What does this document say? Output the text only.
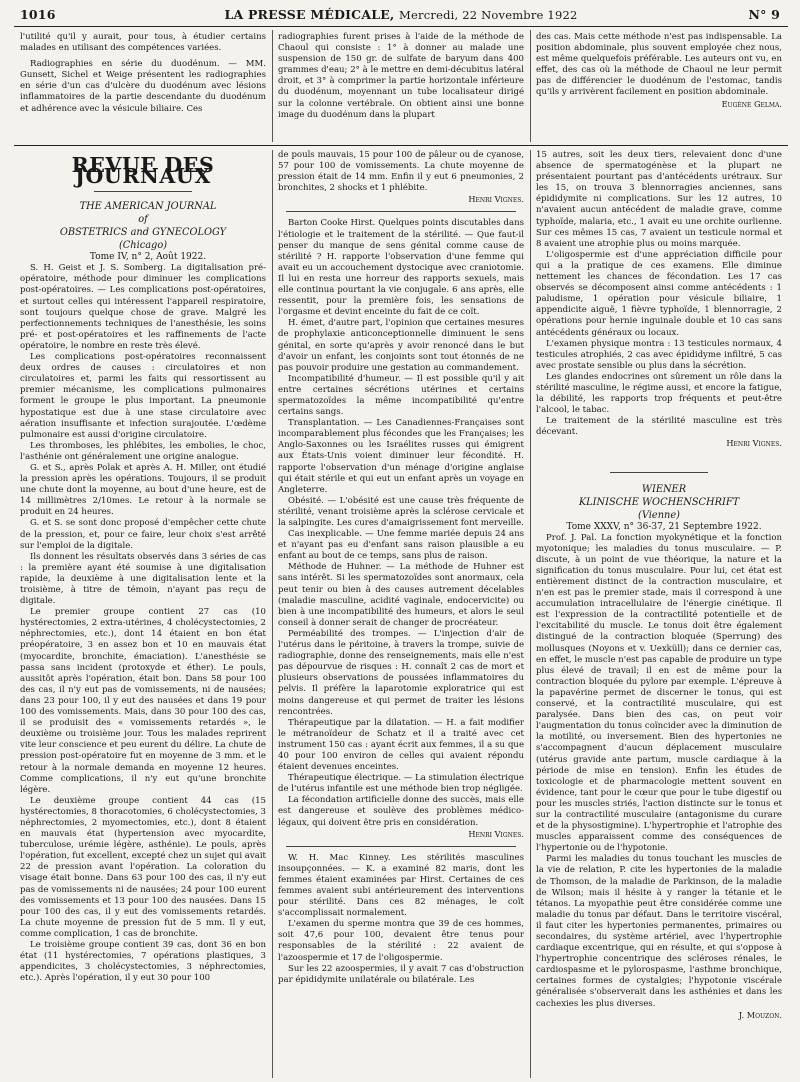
1016	LA PRESSE MÉDICALE, Mercredi, 22 Novembre 1922	N° 9

l'utilité qu'il y aurait, pour tous, à étudier certains malades en utilisant des compétences variées.

Radiographies en série du duodénum. — MM. Gunsett, Sichel et Weige présentent les radiographies en série d'un cas d'ulcère du duodénum avec lésions inflammatoires de la partie descendante du duodénum et adhérence avec la vésicule biliaire. Ces

radiographies furent prises à l'aide de la méthode de Chaoul qui consiste : 1° à donner au malade une suspension de 150 gr. de sulfate de baryum dans 400 grammes d'eau; 2° à le mettre en demi-décubitus latéral droit, et 3° à comprimer la partie horizontale inférieure du duodénum, moyennant un tube localisateur dirigé sur la colonne vertébrale. On obtient ainsi une bonne image du duodénum dans la plupart

des cas. Mais cette méthode n'est pas indispensable. La position abdominale, plus souvent employée chez nous, est même quelquefois préférable. Les auteurs ont vu, en effet, des cas où la méthode de Chaoul ne leur permit pas de différencier le duodénum de l'estomac, tandis qu'ils y arrivèrent facilement en position abdominale.

Eugène Gelma.

REVUE DES JOURNAUX

THE AMERICAN JOURNAL
of
OBSTETRICS and GYNECOLOGY
(Chicago)

Tome IV, n° 2, Août 1922.

S. H. Geist et J. S. Somberg. La digitalisation pré-opératoire, méthode pour diminuer les complications post-opératoires. — Les complications post-opératoires, et surtout celles qui intéressent l'appareil respiratoire, sont toujours quelque chose de grave. Malgré les perfectionnements techniques de l'anesthésie, les soins pré- et post-opératoires et les raffinements de l'acte opératoire, le nombre en reste très élevé.

Les complications post-opératoires reconnaissent deux ordres de causes : circulatoires et non circulatoires et, parmi les faits qui ressortissent au premier mécanisme, les complications pulmonaires forment le groupe le plus important. La pneumonie hypostatique est due à une stase circulatoire avec aération insuffisante et infection surajoutée. L'œdème pulmonaire est aussi d'origine circulatoire.

Les thromboses, les phlébites, les embolies, le choc, l'asthénie ont généralement une origine analogue.

G. et S., après Polak et après A. H. Miller, ont étudié la pression après les opérations. Toujours, il se produit une chute dont la moyenne, au bout d'une heure, est de 14 millimètres 2/10mes. Le retour à la normale se produit en 24 heures.

G. et S. se sont donc proposé d'empêcher cette chute de la pression, et, pour ce faire, leur choix s'est arrêté sur l'emploi de la digitale.

Ils donnent les résultats observés dans 3 séries de cas : la première ayant été soumise à une digitalisation rapide, la deuxième à une digitalisation lente et la troisième, à titre de témoin, n'ayant pas reçu de digitale.

Le premier groupe contient 27 cas (10 hystérectomies, 2 extra-utérines, 4 cholécystectomies, 2 néphrectomies, etc.), dont 14 étaient en bon état préopératoire, 3 en assez bon et 10 en mauvais état (myocardite, bronchite, émaciation). L'anesthésie se passa sans incident (protoxyde et éther). Le pouls, aussitôt après l'opération, était bon. Dans 58 pour 100 des cas, il n'y eut pas de vomissements, ni de nausées; dans 23 pour 100, il y eut des nausées et dans 19 pour 100 des vomissements. Mais, dans 30 pour 100 des cas, il se produisit des « vomissements retardés », le deuxième ou troisième jour. Tous les malades reprirent vite leur conscience et peu eurent du délire. La chute de pression post-opératoire fut en moyenne de 3 mm. et le retour à la normale demanda en moyenne 12 heures. Comme complications, il n'y eut qu'une bronchite légère.

Le deuxième groupe contient 44 cas (15 hystérectomies, 8 thoracotomies, 6 cholécystectomies, 3 néphrectomies, 2 myomectomies, etc.), dont 8 étaient en mauvais état (hypertension avec myocardite, tuberculose, urémie légère, asthénie). Le pouls, après l'opération, fut excellent, excepté chez un sujet qui avait 22 de pression avant l'opération. La coloration du visage était bonne. Dans 63 pour 100 des cas, il n'y eut pas de vomissements ni de nausées; 24 pour 100 eurent des vomissements et 13 pour 100 des nausées. Dans 15 pour 100 des cas, il y eut des vomissements retardés. La chute moyenne de pression fut de 5 mm. Il y eut, comme complication, 1 cas de bronchite.

Le troisième groupe contient 39 cas, dont 36 en bon état (11 hystérectomies, 7 opérations plastiques, 3 appendicites, 3 cholécystectomies, 3 néphrectomies, etc.). Après l'opération, il y eut 30 pour 100

de pouls mauvais, 15 pour 100 de pâleur ou de cyanose, 57 pour 100 de vomissements. La chute moyenne de pression était de 14 mm. Enfin il y eut 6 pneumonies, 2 bronchites, 2 shocks et 1 phlébite.

Henri Vignes.

Barton Cooke Hirst. Quelques points discutables dans l'étiologie et le traitement de la stérilité. — Que faut-il penser du manque de sens génital comme cause de stérilité ? H. rapporte l'observation d'une femme qui avait eu un accouchement dystocique avec craniotomie. Il lui en resta une horreur des rapports sexuels, mais elle continua pourtant la vie conjugale. 6 ans après, elle ressentit, pour la première fois, les sensations de l'orgasme et devint enceinte du fait de ce coït.

H. émet, d'autre part, l'opinion que certaines mesures de prophylaxie anticonceptionnelle diminuent le sens génital, en sorte qu'après y avoir renoncé dans le but d'avoir un enfant, les conjoints sont tout étonnés de ne pas pouvoir produire une gestation au commandement.

Incompatibilité d'humeur. — Il est possible qu'il y ait entre certaines sécrétions utérines et certains spermatozoïdes la même incompatibilité qu'entre certains sangs.

Transplantation. — Les Canadiennes-Françaises sont incomparablement plus fécondes que les Françaises; les Anglo-Saxonnes ou les Israélites russes qui émigrent aux États-Unis voient diminuer leur fécondité. H. rapporte l'observation d'un ménage d'origine anglaise qui était stérile et qui eut un enfant après un voyage en Angleterre.

Obésité. — L'obésité est une cause très fréquente de stérilité, venant troisième après la sclérose cervicale et la salpingite. Les cures d'amaigrissement font merveille.

Cas inexplicable. — Une femme mariée depuis 24 ans et n'ayant pas eu d'enfant sans raison plausible a eu enfant au bout de ce temps, sans plus de raison.

Méthode de Huhner. — La méthode de Huhner est sans intérêt. Si les spermatozoïdes sont anormaux, cela peut tenir ou bien à des causes autrement décelables (maladie masculine, acidité vaginale, endocervicite) ou bien à une incompatibilité des humeurs, et alors le seul conseil à donner serait de changer de procréateur.

Perméabilité des trompes. — L'injection d'air de l'utérus dans le péritoine, à travers la trompe, suivie de radiographie, donne des renseignements, mais elle n'est pas dépourvue de risques : H. connaît 2 cas de mort et plusieurs observations de poussées inflammatoires du pelvis. Il préfère la laparotomie exploratrice qui est moins dangereuse et qui permet de traiter les lésions rencontrées.

Thérapeutique par la dilatation. — H. a fait modifier le métranoïdeur de Schatz et il a traité avec cet instrument 150 cas : ayant écrit aux femmes, il a su que 40 pour 100 environ de celles qui avaient répondu étaient devenues enceintes.

Thérapeutique électrique. — La stimulation électrique de l'utérus infantile est une méthode bien trop négligée.

La fécondation artificielle donne des succès, mais elle est dangereuse et soulève des problèmes médico-légaux, qui doivent être pris en considération.

Henri Vignes.

W. H. Mac Kinney. Les stérilités masculines insoupçonnées. — K. a examiné 82 maris, dont les femmes étaient examinées par Hirst. Certaines de ces femmes avaient subi antérieurement des interventions pour stérilité. Dans ces 82 ménages, le coït s'accomplissait normalement.

L'examen du sperme montra que 39 de ces hommes, soit 47,6 pour 100, devaient être tenus pour responsables de la stérilité : 22 avaient de l'azoospermie et 17 de l'oligospermie.

Sur les 22 azoospermies, il y avait 7 cas d'obstruction par épididymite unilatérale ou bilatérale. Les

15 autres, soit les deux tiers, relevaient donc d'une absence de spermatogénèse et la plupart ne présentaient pourtant pas d'antécédents urétraux. Sur les 15, on trouva 3 blennorragies anciennes, sans épididymite ni complications. Sur les 12 autres, 10 n'avaient aucun antécédent de maladie grave, comme typhoïde, malaria, etc., 1 avait eu une orchite ourlienne. Sur ces mêmes 15 cas, 7 avaient un testicule normal et 8 avaient une atrophie plus ou moins marquée.

L'oligospermie est d'une appréciation difficile pour qui a la pratique de ces examens. Elle diminue nettement les chances de fécondation. Les 17 cas observés se décomposent ainsi comme antécédents : 1 paludisme, 1 opération pour vésicule biliaire, 1 appendicite aiguë, 1 fièvre typhoïde, 1 blennorragie, 2 opérations pour hernie inguinale double et 10 cas sans antécédents généraux ou locaux.

L'examen physique montra : 13 testicules normaux, 4 testicules atrophiés, 2 cas avec épididyme infiltré, 5 cas avec prostate sensible ou plus dans la sécrétion.

Les glandes endocrines ont sûrement un rôle dans la stérilité masculine, le régime aussi, et encore la fatigue, la débilité, les rapports trop fréquents et peut-être l'alcool, le tabac.

Le traitement de la stérilité masculine est très décevant.

Henri Vignes.

WIENER
KLINISCHE WOCHENSCHRIFT
(Vienne)

Tome XXXV, n° 36-37, 21 Septembre 1922.

Prof. J. Pal. La fonction myokynétique et la fonction myotonique; les maladies du tonus musculaire. — P. discute, à un point de vue théorique, la nature et la signification du tonus musculaire. Pour lui, cet état est entièrement distinct de la contraction musculaire, et n'en est pas le premier stade, mais il correspond à une accumulation intracellulaire de l'énergie cinétique. Il est l'expression de la contractilité potentielle et de l'excitabilité du muscle. Le tonus doit être également distingué de la contraction bloquée (Sperrung) des mollusques (Noyons et v. Uexküll); dans ce dernier cas, en effet, le muscle n'est pas capable de produire un type plus élevé de travail; il en est de même pour la contraction bloquée du pylore par exemple. L'épreuve à la papavérine permet de discerner le tonus, qui est conservé, et la contractilité musculaire, qui est paralysée. Dans bien des cas, on peut voir l'augmentation du tonus coïncider avec la diminution de la motilité, ou inversement. Bien des hypertonies ne s'accompagnent d'aucun déplacement musculaire (utérus gravide ante partum, muscle cardiaque à la période de mise en tension). Enfin les études de toxicologie et de pharmacologie mettent souvent en évidence, tant pour le cœur que pour le tube digestif ou pour les muscles striés, l'action distincte sur le tonus et sur la contractilité musculaire (antagonisme du curare et de la physostigmine). L'hypertrophie et l'atrophie des muscles apparaissent comme des conséquences de l'hypertonie ou de l'hypotonie.

Parmi les maladies du tonus touchant les muscles de la vie de relation, P. cite les hypertonies de la maladie de Thomson, de la maladie de Parkinson, de la maladie de Wilson; mais il hésite à y ranger la tétanie et le tétanos. La myopathie peut être considérée comme une maladie du tonus par défaut. Dans le territoire viscéral, il faut citer les hypertonies permanentes, primaires ou secondaires, du système artériel, avec l'hypertrophie cardiaque excentrique, qui en résulte, et qui s'oppose à l'hypertrophie concentrique des scléroses rénales, le cardiospasme et le pylorospasme, l'asthme bronchique, certaines formes de cystalgies; l'hypotonie viscérale généralisée s'observerait dans les asthénies et dans les cachexies les plus diverses.

J. Mouzon.
